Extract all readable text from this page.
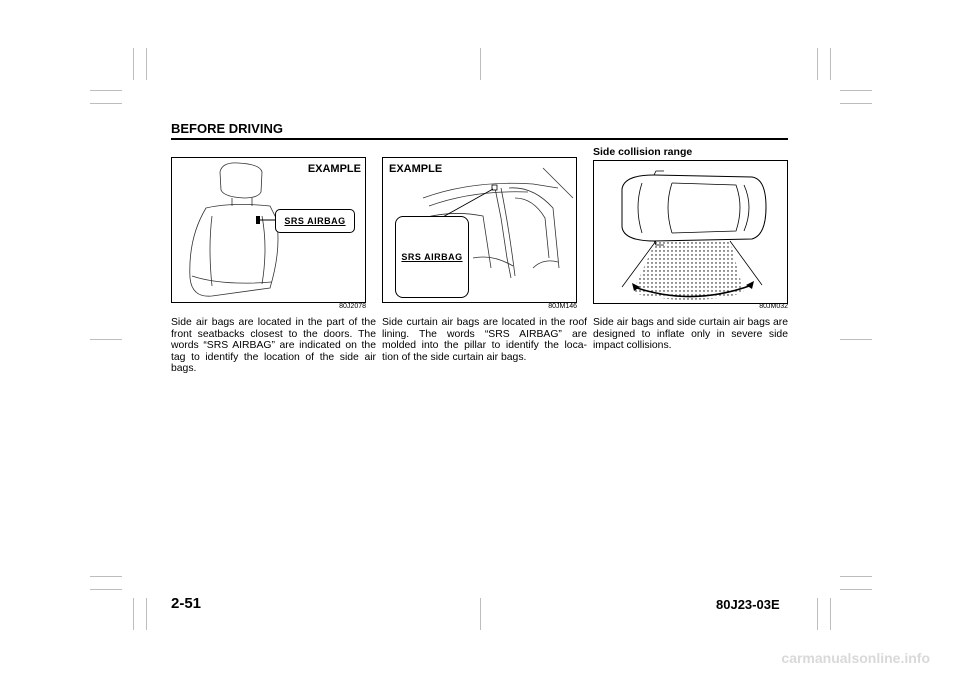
BEFORE DRIVING
EXAMPLE
SRS AIRBAG
80J2078
EXAMPLE
SRS AIRBAG
80JM146
Side collision range
80JM032
Side air bags are located in the part of the front seatbacks closest to the doors. The words “SRS AIRBAG” are indicated on the tag to identify the location of the side air bags.
Side curtain air bags are located in the roof lining. The words “SRS AIRBAG” are molded into the pillar to identify the loca- tion of the side curtain air bags.
Side air bags and side curtain air bags are designed to inflate only in severe side impact collisions.
2-51	80J23-03E
carmanualsonline.info
